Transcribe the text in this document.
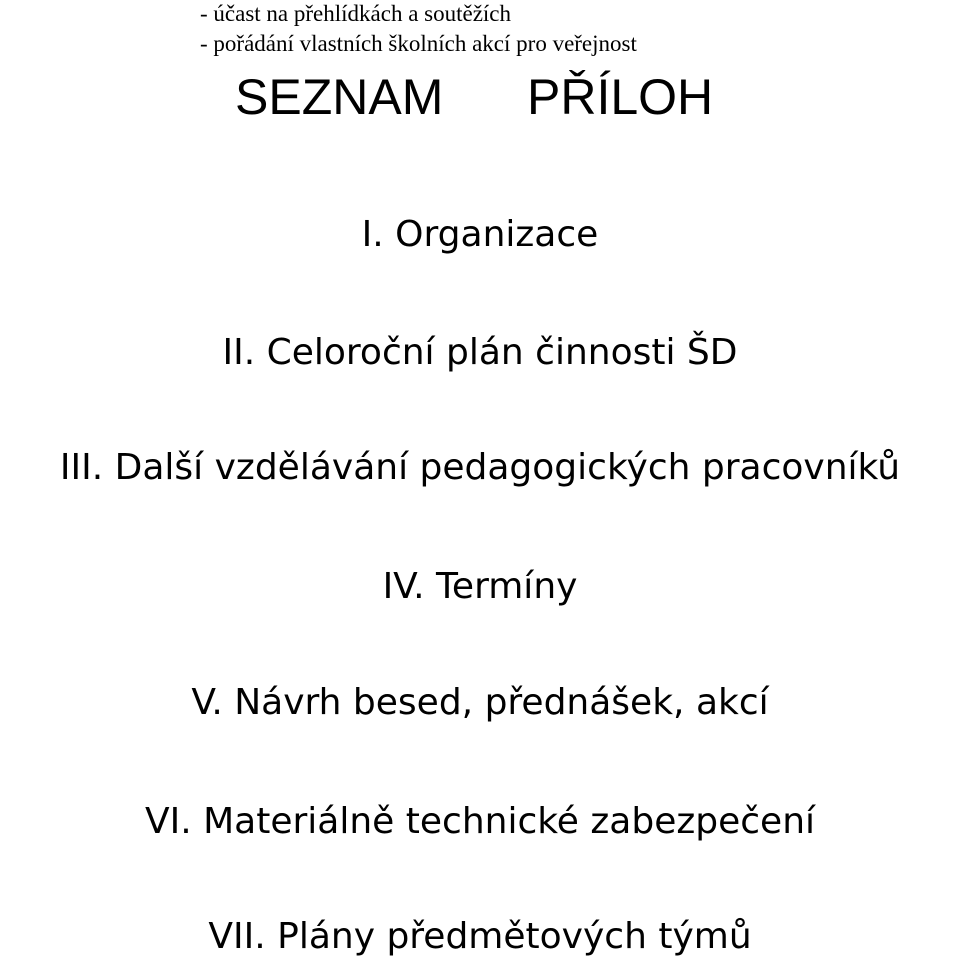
- účast na přehlídkách a soutěžích
- pořádání vlastních školních akcí pro veřejnost
SEZNAM PŘÍLOH
I. Organizace
II. Celoroční plán činnosti ŠD
III. Další vzdělávání pedagogických pracovníků
IV. Termíny
V. Návrh besed, přednášek, akcí
VI. Materiálně technické zabezpečení
VII. Plány předmětových týmů
